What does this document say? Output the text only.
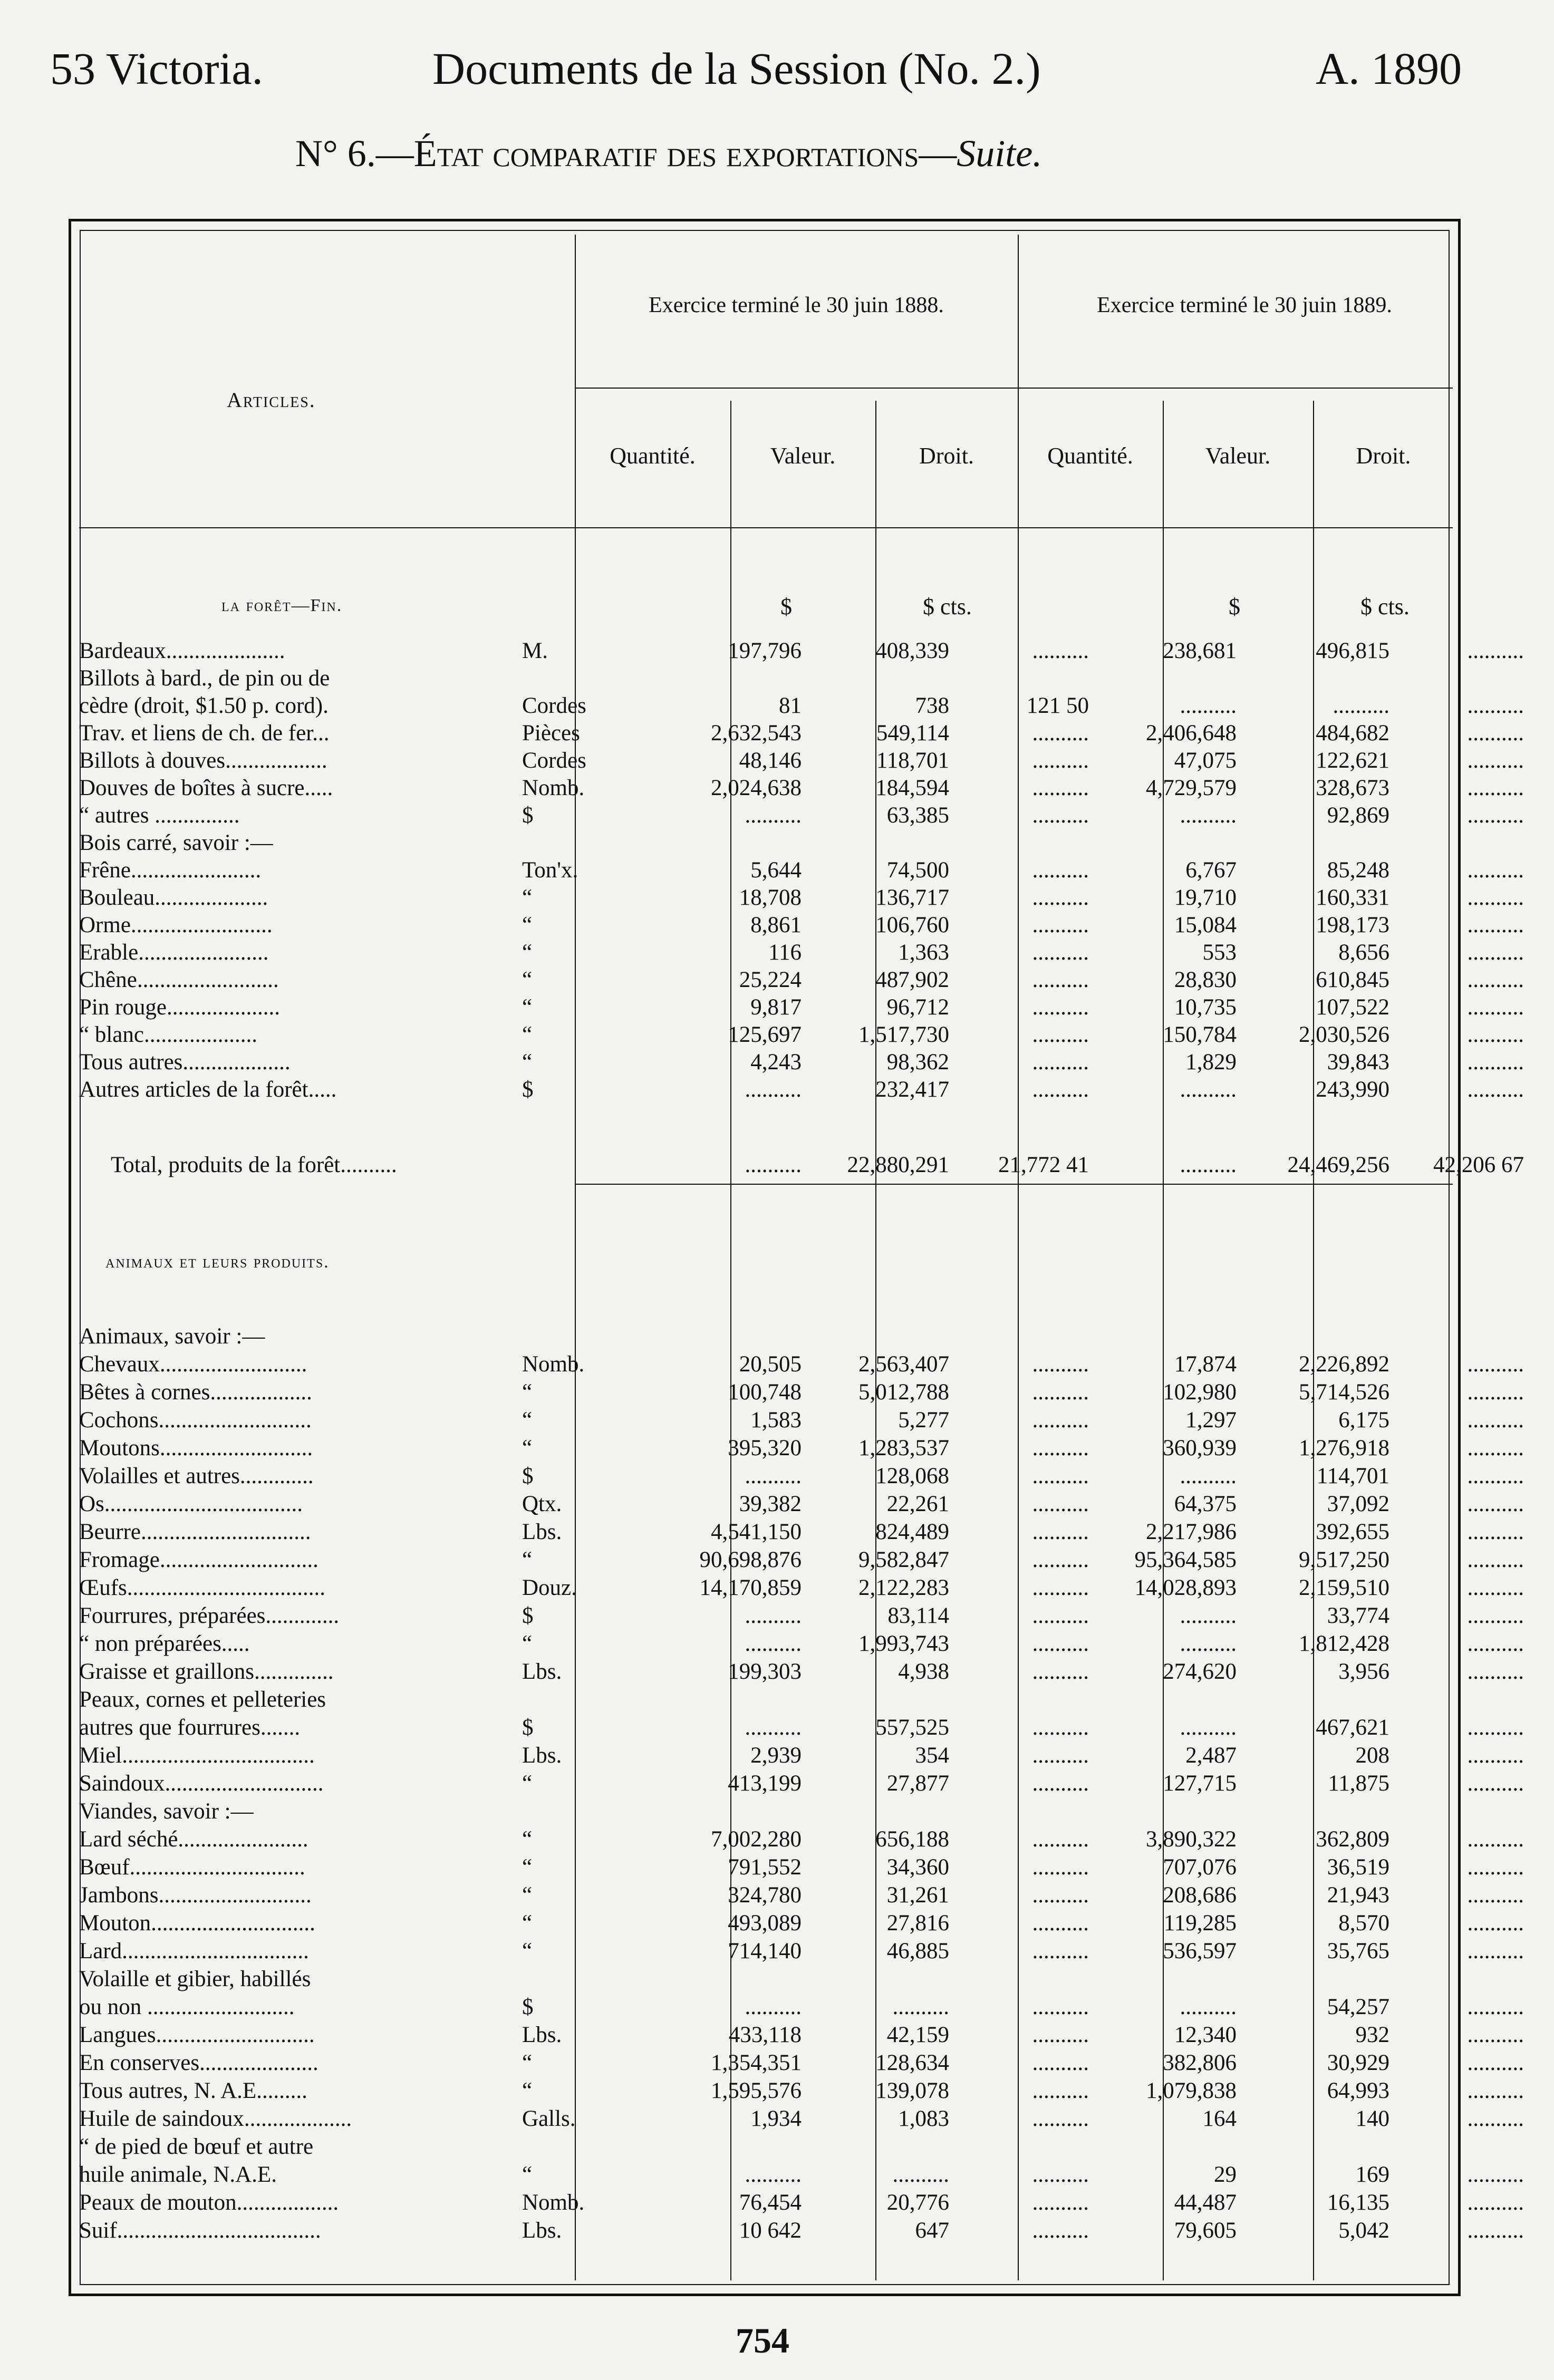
53 Victoria.	Documents de la Session (No. 2.)	A. 1890
N° 6.—État comparatif des exportations—Suite.
Articles.
Exercice terminé le 30 juin 1888.	Exercice terminé le 30 juin 1889.
Quantité.	Valeur.	Droit.	Quantité.	Valeur.	Droit.
la forêt—Fin.	$	$ cts.	$	$ cts.
Bardeaux.....................	M.	197,796	408,339	..........	238,681	496,815	..........
Billots à bard., de pin ou de
cèdre (droit, $1.50 p. cord).	Cordes	81	738	121 50	..........	..........	..........
Trav. et liens de ch. de fer...	Pièces	2,632,543	549,114	..........	2,406,648	484,682	..........
Billots à douves..................	Cordes	48,146	118,701	..........	47,075	122,621	..........
Douves de boîtes à sucre.....	Nomb.	2,024,638	184,594	..........	4,729,579	328,673	..........
“ autres ...............	$	..........	63,385	..........	..........	92,869	..........
Bois carré, savoir :—
Frêne.......................	Ton'x.	5,644	74,500	..........	6,767	85,248	..........
Bouleau....................	“	18,708	136,717	..........	19,710	160,331	..........
Orme.........................	“	8,861	106,760	..........	15,084	198,173	..........
Erable.......................	“	116	1,363	..........	553	8,656	..........
Chêne.........................	“	25,224	487,902	..........	28,830	610,845	..........
Pin rouge....................	“	9,817	96,712	..........	10,735	107,522	..........
“ blanc....................	“	125,697	1,517,730	..........	150,784	2,030,526	..........
Tous autres...................	“	4,243	98,362	..........	1,829	39,843	..........
Autres articles de la forêt.....	$	..........	232,417	..........	..........	243,990	..........
Total, produits de la forêt..........	..........	22,880,291	21,772 41	..........	24,469,256	42,206 67
animaux et leurs produits.
Animaux, savoir :—
Chevaux..........................	Nomb.	20,505	2,563,407	..........	17,874	2,226,892	..........
Bêtes à cornes..................	“	100,748	5,012,788	..........	102,980	5,714,526	..........
Cochons...........................	“	1,583	5,277	..........	1,297	6,175	..........
Moutons...........................	“	395,320	1,283,537	..........	360,939	1,276,918	..........
Volailles et autres.............	$	..........	128,068	..........	..........	114,701	..........
Os...................................	Qtx.	39,382	22,261	..........	64,375	37,092	..........
Beurre..............................	Lbs.	4,541,150	824,489	..........	2,217,986	392,655	..........
Fromage............................	“	90,698,876	9,582,847	.......... 95,364,585	9,517,250	..........
Œufs...................................	Douz.	14,170,859	2,122,283	.......... 14,028,893	2,159,510	..........
Fourrures, préparées.............	$	..........	83,114	..........	..........	33,774	..........
“ non préparées.....	“	..........	1,993,743	..........	..........	1,812,428	..........
Graisse et graillons..............	Lbs.	199,303	4,938	..........	274,620	3,956	..........
Peaux, cornes et pelleteries
autres que fourrures.......	$	..........	557,525	..........	..........	467,621	..........
Miel..................................	Lbs.	2,939	354	..........	2,487	208	..........
Saindoux............................	“	413,199	27,877	..........	127,715	11,875	..........
Viandes, savoir :—
Lard séché.......................	“	7,002,280	656,188	..........	3,890,322	362,809	..........
Bœuf...............................	“	791,552	34,360	..........	707,076	36,519	..........
Jambons...........................	“	324,780	31,261	..........	208,686	21,943	..........
Mouton.............................	“	493,089	27,816	..........	119,285	8,570	..........
Lard.................................	“	714,140	46,885	..........	536,597	35,765	..........
Volaille et gibier, habillés
ou non ..........................	$	..........	..........	..........	..........	54,257	..........
Langues............................	Lbs.	433,118	42,159	..........	12,340	932	..........
En conserves.....................	“	1,354,351	128,634	..........	382,806	30,929	..........
Tous autres, N. A.E.........	“	1,595,576	139,078	..........	1,079,838	64,993	..........
Huile de saindoux...................	Galls.	1,934	1,083	..........	164	140	..........
“ de pied de bœuf et autre
huile animale, N.A.E.	“	..........	..........	..........	29	169	..........
Peaux de mouton..................	Nomb.	76,454	20,776	..........	44,487	16,135	..........
Suif....................................	Lbs.	10 642	647	..........	79,605	5,042	..........
754
